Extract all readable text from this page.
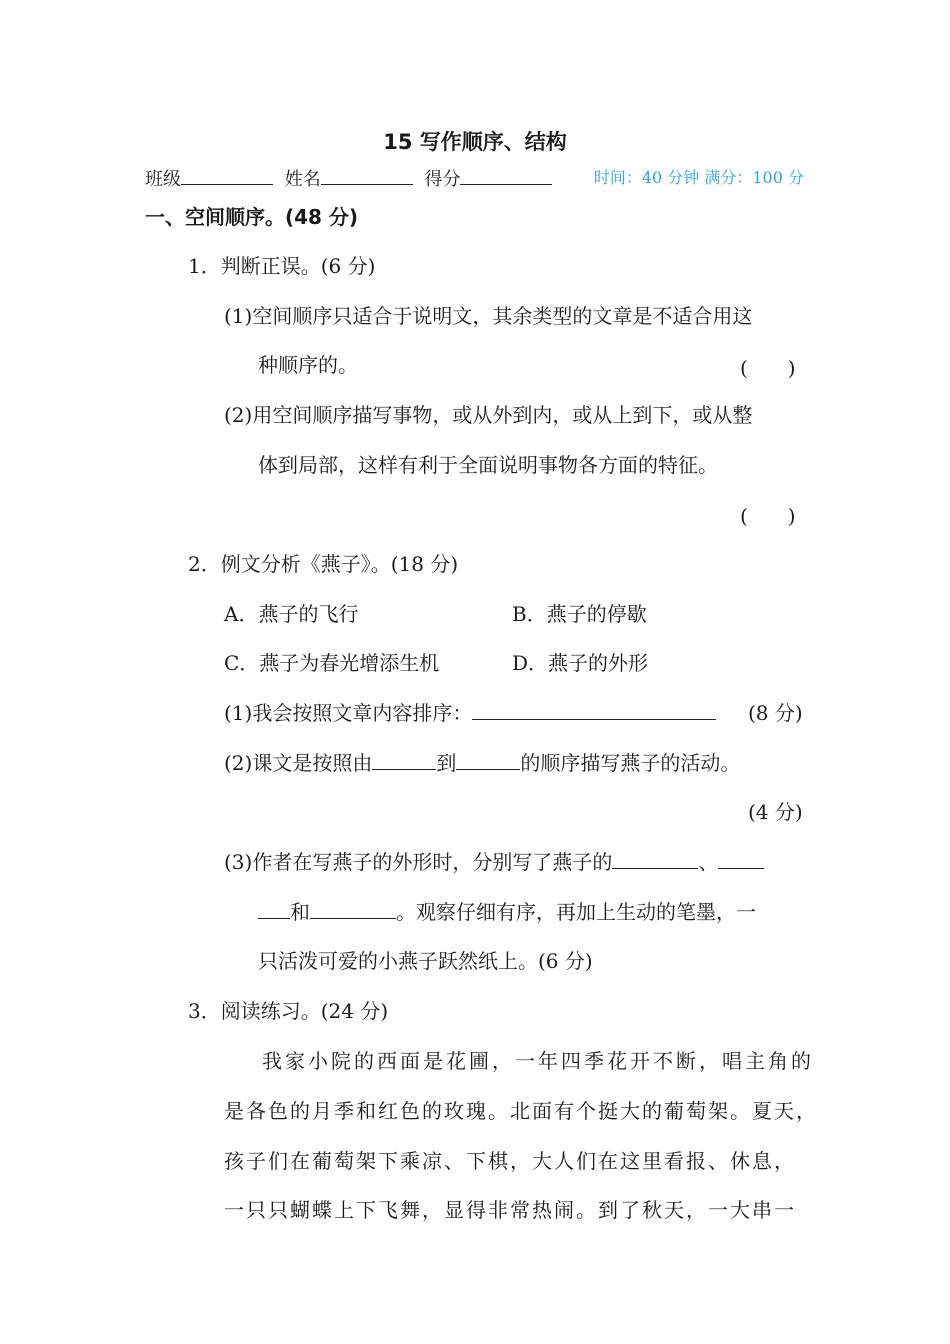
15 写作顺序、结构
班级	姓名	得分	时间：40 分钟 满分：100 分
一、空间顺序。(48 分)
1．判断正误。(6 分)
(1)空间顺序只适合于说明文，其余类型的文章是不适合用这
种顺序的。	(　　)
(2)用空间顺序描写事物，或从外到内，或从上到下，或从整
体到局部，这样有利于全面说明事物各方面的特征。
(　　)
2．例文分析《燕子》。(18 分)
A．燕子的飞行	B．燕子的停歇
C．燕子为春光增添生机	D．燕子的外形
(1)我会按照文章内容排序：	(8 分)
(2)课文是按照由	到	的顺序描写燕子的活动。
(4 分)
(3)作者在写燕子的外形时，分别写了燕子的	、
和	。观察仔细有序，再加上生动的笔墨，一
只活泼可爱的小燕子跃然纸上。(6 分)
3．阅读练习。(24 分)
我家小院的西面是花圃，一年四季花开不断，唱主角的
是各色的月季和红色的玫瑰。北面有个挺大的葡萄架。夏天，
孩子们在葡萄架下乘凉、下棋，大人们在这里看报、休息，
一只只蝴蝶上下飞舞，显得非常热闹。到了秋天，一大串一
